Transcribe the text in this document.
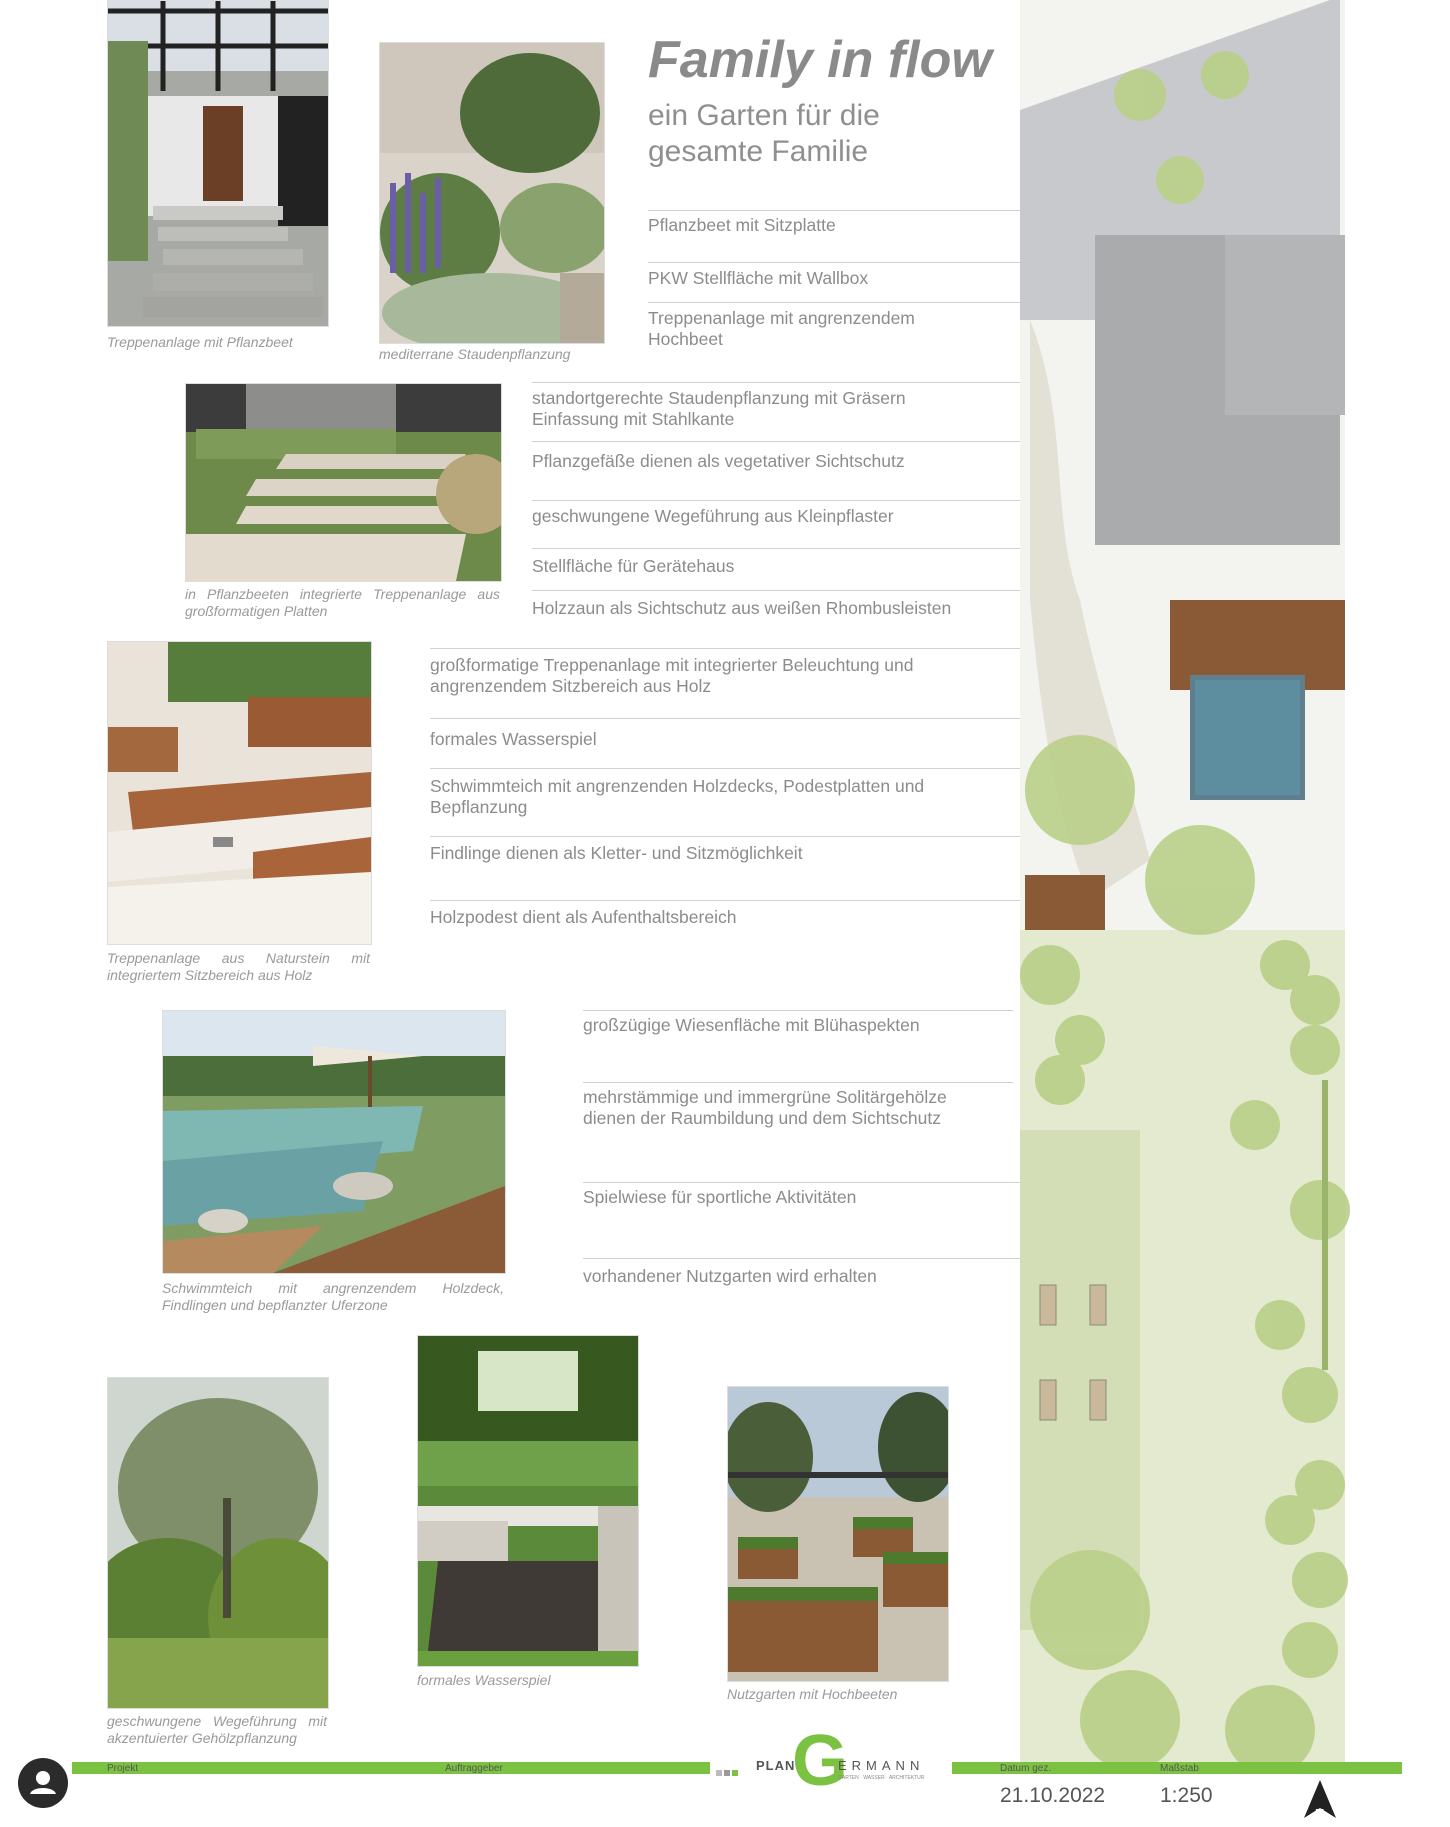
Family in flow
ein Garten für die gesamte Familie
Treppenanlage mit Pflanzbeet
mediterrane Staudenpflanzung
Pflanzbeet mit Sitzplatte
PKW Stellfläche mit Wallbox
Treppenanlage mit angrenzendem Hochbeet
in Pflanzbeeten integrierte Treppenanlage aus großformatigen Platten
standortgerechte Staudenpflanzung mit Gräsern Einfassung mit Stahlkante
Pflanzgefäße dienen als vegetativer Sichtschutz
geschwungene Wegeführung aus Kleinpflaster
Stellfläche für Gerätehaus
Holzzaun als Sichtschutz aus weißen Rhombusleisten
Treppenanlage aus Naturstein mit integriertem Sitzbereich aus Holz
großformatige Treppenanlage mit integrierter Beleuchtung und angrenzendem Sitzbereich aus Holz
formales Wasserspiel
Schwimmteich mit angrenzenden Holzdecks, Podestplatten und Bepflanzung
Findlinge dienen als Kletter- und Sitzmöglichkeit
Holzpodest dient als Aufenthaltsbereich
Schwimmteich mit angrenzendem Holzdeck, Findlingen und bepflanzter Uferzone
großzügige Wiesenfläche mit Blühaspekten
mehrstämmige und immergrüne Solitärgehölze dienen der Raumbildung und dem Sichtschutz
Spielwiese für sportliche Aktivitäten
vorhandener Nutzgarten wird erhalten
geschwungene Wegeführung mit akzentuierter Gehölzpflanzung
formales Wasserspiel
Nutzgarten mit Hochbeeten
Projekt	Auftraggeber	Datum gez.	Maßstab
PLAN
G
ERMANN
GARTEN · WASSER · ARCHITEKTUR
21.10.2022	1:250
N
